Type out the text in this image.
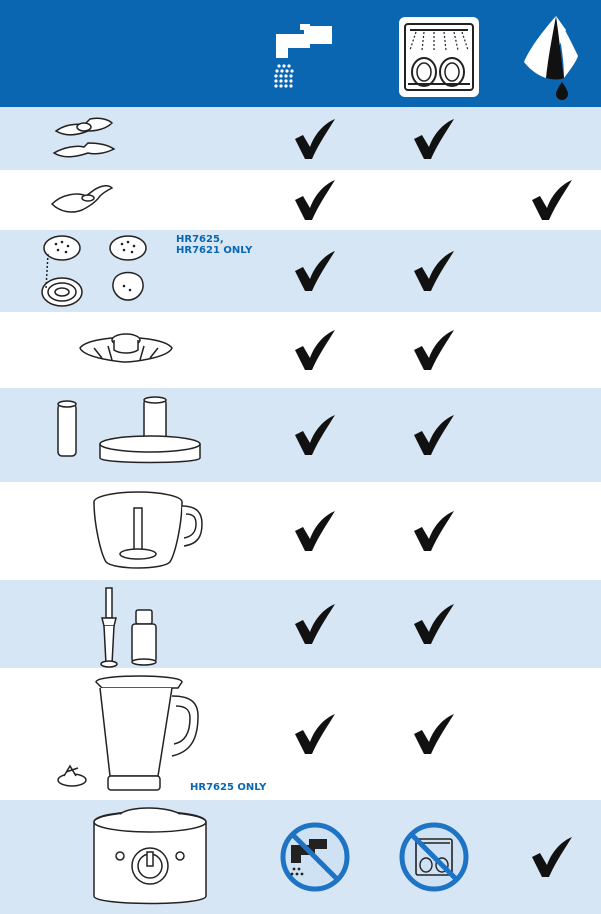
HR7625,
HR7621 ONLY
HR7625 ONLY
